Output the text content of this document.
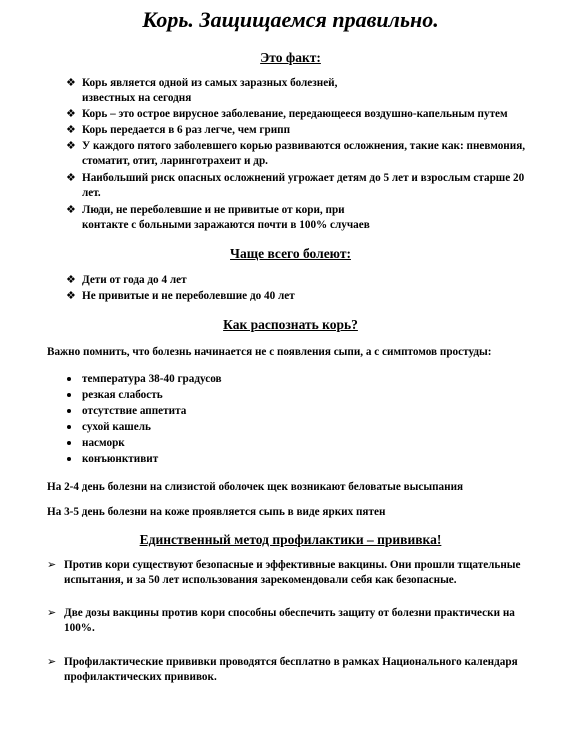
Корь. Защищаемся правильно.
Это факт:
❖ Корь является одной из самых заразных болезней,
известных на сегодня
❖ Корь – это острое вирусное заболевание, передающееся воздушно-капельным путем
❖ Корь передается в 6 раз легче, чем грипп
❖ У каждого пятого заболевшего корью развиваются осложнения, такие как: пневмония,
стоматит, отит, ларинготрахеит и др.
❖ Наибольший риск опасных осложнений угрожает детям до 5 лет и взрослым старше 20
лет.
❖ Люди, не переболевшие и не привитые от кори, при
контакте с больными заражаются почти в 100% случаев
Чаще всего болеют:
❖ Дети от года до 4 лет
❖ Не привитые и не переболевшие до 40 лет
Как распознать корь?
Важно помнить, что болезнь начинается не с появления сыпи, а с симптомов простуды:
температура 38-40 градусов
резкая слабость
отсутствие аппетита
сухой кашель
насморк
конъюнктивит
На 2-4 день болезни на слизистой оболочек щек возникают беловатые высыпания
На 3-5 день болезни на коже проявляется сыпь в виде ярких пятен
Единственный метод профилактики – прививка!
➢ Против кори существуют безопасные и эффективные вакцины. Они прошли тщательные
испытания, и за 50 лет использования зарекомендовали себя как безопасные.
➢ Две дозы вакцины против кори способны обеспечить защиту от болезни практически на
100%.
➢ Профилактические прививки проводятся бесплатно в рамках Национального календаря
профилактических прививок.
